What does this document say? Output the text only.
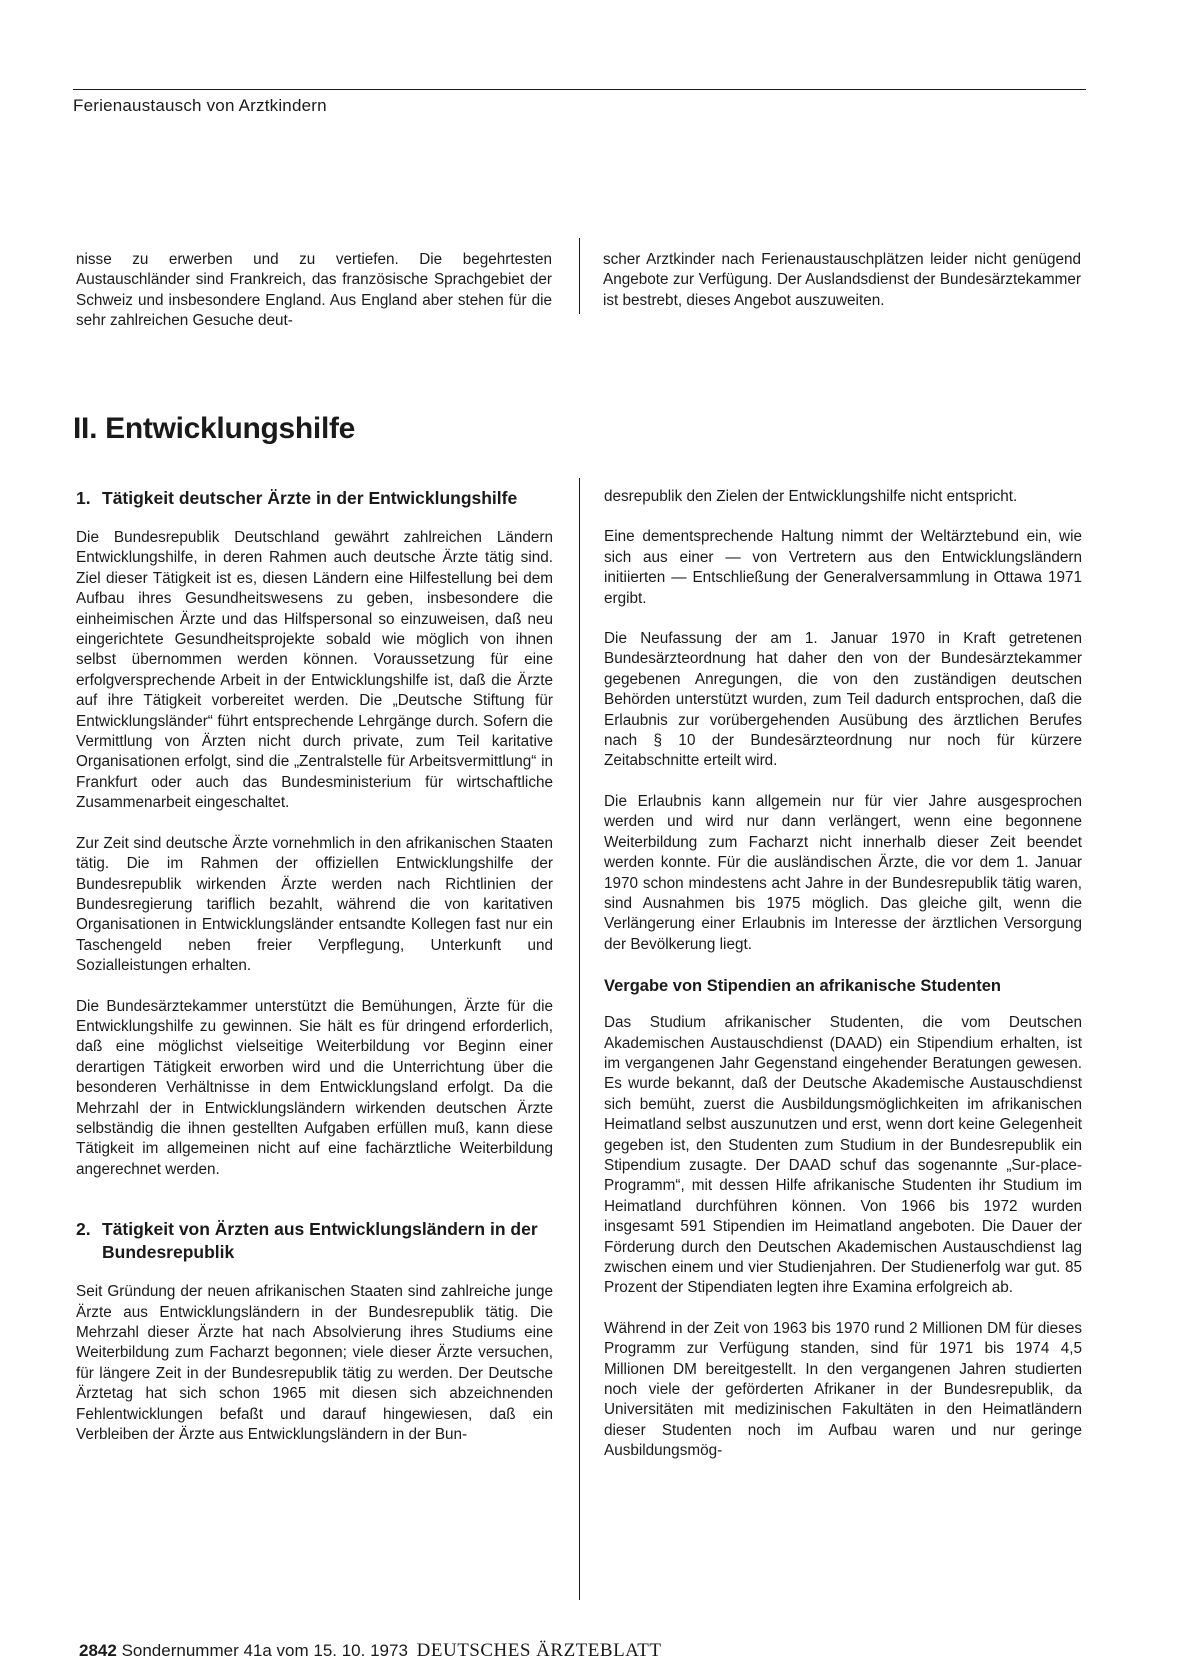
Ferienaustausch von Arztkindern

nisse zu erwerben und zu vertiefen. Die begehrtesten Austauschländer sind Frankreich, das französische Sprachgebiet der Schweiz und insbesondere England. Aus England aber stehen für die sehr zahlreichen Gesuche deut-

scher Arztkinder nach Ferienaustauschplätzen leider nicht genügend Angebote zur Verfügung. Der Auslandsdienst der Bundesärztekammer ist bestrebt, dieses Angebot auszuweiten.

II. Entwicklungshilfe
1. Tätigkeit deutscher Ärzte in der Entwicklungshilfe

Die Bundesrepublik Deutschland gewährt zahlreichen Ländern Entwicklungshilfe, in deren Rahmen auch deutsche Ärzte tätig sind. Ziel dieser Tätigkeit ist es, diesen Ländern eine Hilfestellung bei dem Aufbau ihres Gesundheitswesens zu geben, insbesondere die einheimischen Ärzte und das Hilfspersonal so einzuweisen, daß neu eingerichtete Gesundheitsprojekte sobald wie möglich von ihnen selbst übernommen werden können. Voraussetzung für eine erfolgversprechende Arbeit in der Entwicklungshilfe ist, daß die Ärzte auf ihre Tätigkeit vorbereitet werden. Die „Deutsche Stiftung für Entwicklungsländer“ führt entsprechende Lehrgänge durch. Sofern die Vermittlung von Ärzten nicht durch private, zum Teil karitative Organisationen erfolgt, sind die „Zentralstelle für Arbeitsvermittlung“ in Frankfurt oder auch das Bundesministerium für wirtschaftliche Zusammenarbeit eingeschaltet.

Zur Zeit sind deutsche Ärzte vornehmlich in den afrikanischen Staaten tätig. Die im Rahmen der offiziellen Entwicklungshilfe der Bundesrepublik wirkenden Ärzte werden nach Richtlinien der Bundesregierung tariflich bezahlt, während die von karitativen Organisationen in Entwicklungsländer entsandte Kollegen fast nur ein Taschengeld neben freier Verpflegung, Unterkunft und Sozialleistungen erhalten.

Die Bundesärztekammer unterstützt die Bemühungen, Ärzte für die Entwicklungshilfe zu gewinnen. Sie hält es für dringend erforderlich, daß eine möglichst vielseitige Weiterbildung vor Beginn einer derartigen Tätigkeit erworben wird und die Unterrichtung über die besonderen Verhältnisse in dem Entwicklungsland erfolgt. Da die Mehrzahl der in Entwicklungsländern wirkenden deutschen Ärzte selbständig die ihnen gestellten Aufgaben erfüllen muß, kann diese Tätigkeit im allgemeinen nicht auf eine fachärztliche Weiterbildung angerechnet werden.

2. Tätigkeit von Ärzten aus Entwicklungsländern in der Bundesrepublik

Seit Gründung der neuen afrikanischen Staaten sind zahlreiche junge Ärzte aus Entwicklungsländern in der Bundesrepublik tätig. Die Mehrzahl dieser Ärzte hat nach Absolvierung ihres Studiums eine Weiterbildung zum Facharzt begonnen; viele dieser Ärzte versuchen, für längere Zeit in der Bundesrepublik tätig zu werden. Der Deutsche Ärztetag hat sich schon 1965 mit diesen sich abzeichnenden Fehlentwicklungen befaßt und darauf hingewiesen, daß ein Verbleiben der Ärzte aus Entwicklungsländern in der Bun-

desrepublik den Zielen der Entwicklungshilfe nicht entspricht.

Eine dementsprechende Haltung nimmt der Weltärztebund ein, wie sich aus einer — von Vertretern aus den Entwicklungsländern initiierten — Entschließung der Generalversammlung in Ottawa 1971 ergibt.

Die Neufassung der am 1. Januar 1970 in Kraft getretenen Bundesärzteordnung hat daher den von der Bundesärztekammer gegebenen Anregungen, die von den zuständigen deutschen Behörden unterstützt wurden, zum Teil dadurch entsprochen, daß die Erlaubnis zur vorübergehenden Ausübung des ärztlichen Berufes nach § 10 der Bundesärzteordnung nur noch für kürzere Zeitabschnitte erteilt wird.

Die Erlaubnis kann allgemein nur für vier Jahre ausgesprochen werden und wird nur dann verlängert, wenn eine begonnene Weiterbildung zum Facharzt nicht innerhalb dieser Zeit beendet werden konnte. Für die ausländischen Ärzte, die vor dem 1. Januar 1970 schon mindestens acht Jahre in der Bundesrepublik tätig waren, sind Ausnahmen bis 1975 möglich. Das gleiche gilt, wenn die Verlängerung einer Erlaubnis im Interesse der ärztlichen Versorgung der Bevölkerung liegt.

Vergabe von Stipendien an afrikanische Studenten

Das Studium afrikanischer Studenten, die vom Deutschen Akademischen Austauschdienst (DAAD) ein Stipendium erhalten, ist im vergangenen Jahr Gegenstand eingehender Beratungen gewesen. Es wurde bekannt, daß der Deutsche Akademische Austauschdienst sich bemüht, zuerst die Ausbildungsmöglichkeiten im afrikanischen Heimatland selbst auszunutzen und erst, wenn dort keine Gelegenheit gegeben ist, den Studenten zum Studium in der Bundesrepublik ein Stipendium zusagte. Der DAAD schuf das sogenannte „Sur-place-Programm“, mit dessen Hilfe afrikanische Studenten ihr Studium im Heimatland durchführen können. Von 1966 bis 1972 wurden insgesamt 591 Stipendien im Heimatland angeboten. Die Dauer der Förderung durch den Deutschen Akademischen Austauschdienst lag zwischen einem und vier Studienjahren. Der Studienerfolg war gut. 85 Prozent der Stipendiaten legten ihre Examina erfolgreich ab.

Während in der Zeit von 1963 bis 1970 rund 2 Millionen DM für dieses Programm zur Verfügung standen, sind für 1971 bis 1974 4,5 Millionen DM bereitgestellt. In den vergangenen Jahren studierten noch viele der geförderten Afrikaner in der Bundesrepublik, da Universitäten mit medizinischen Fakultäten in den Heimatländern dieser Studenten noch im Aufbau waren und nur geringe Ausbildungsmög-

2842 Sondernummer 41a vom 15. 10. 1973 DEUTSCHES ÄRZTEBLATT
